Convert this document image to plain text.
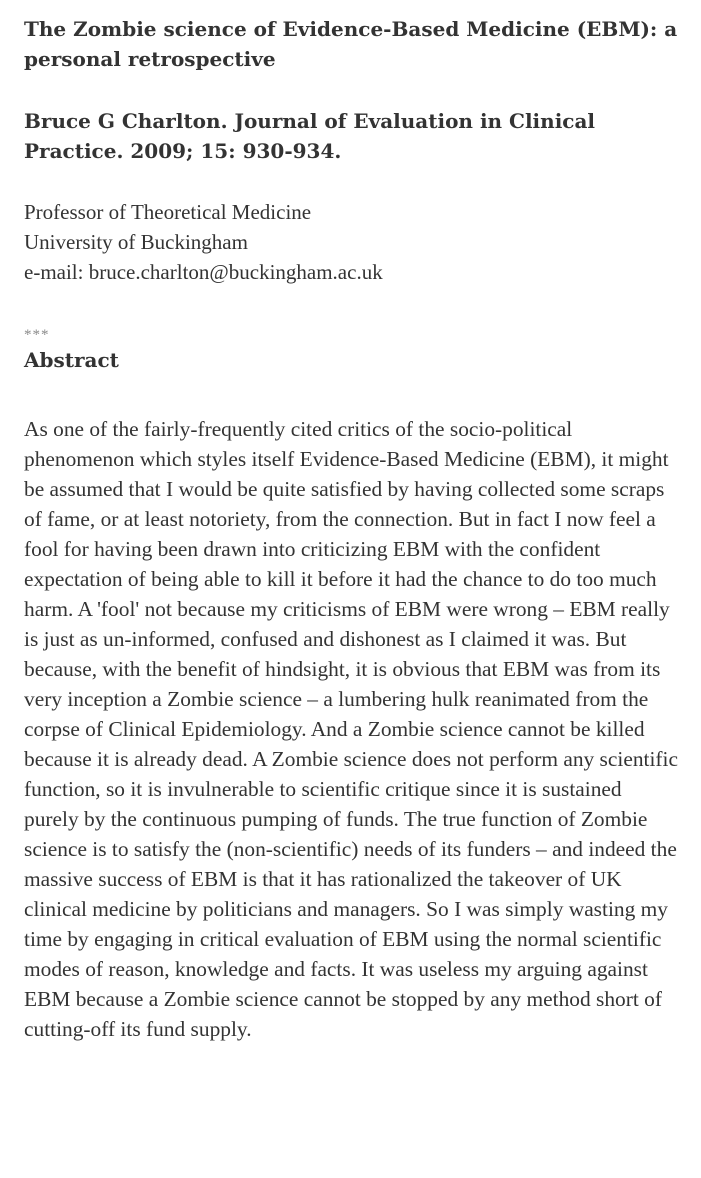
The Zombie science of Evidence-Based Medicine (EBM): a personal retrospective
Bruce G Charlton. Journal of Evaluation in Clinical Practice. 2009; 15: 930-934.
Professor of Theoretical Medicine
University of Buckingham
e-mail: bruce.charlton@buckingham.ac.uk
***
Abstract

As one of the fairly-frequently cited critics of the socio-political phenomenon which styles itself Evidence-Based Medicine (EBM), it might be assumed that I would be quite satisfied by having collected some scraps of fame, or at least notoriety, from the connection. But in fact I now feel a fool for having been drawn into criticizing EBM with the confident expectation of being able to kill it before it had the chance to do too much harm. A 'fool' not because my criticisms of EBM were wrong – EBM really is just as un-informed, confused and dishonest as I claimed it was. But because, with the benefit of hindsight, it is obvious that EBM was from its very inception a Zombie science – a lumbering hulk reanimated from the corpse of Clinical Epidemiology. And a Zombie science cannot be killed because it is already dead. A Zombie science does not perform any scientific function, so it is invulnerable to scientific critique since it is sustained purely by the continuous pumping of funds. The true function of Zombie science is to satisfy the (non-scientific) needs of its funders – and indeed the massive success of EBM is that it has rationalized the takeover of UK clinical medicine by politicians and managers. So I was simply wasting my time by engaging in critical evaluation of EBM using the normal scientific modes of reason, knowledge and facts. It was useless my arguing against EBM because a Zombie science cannot be stopped by any method short of cutting-off its fund supply.
